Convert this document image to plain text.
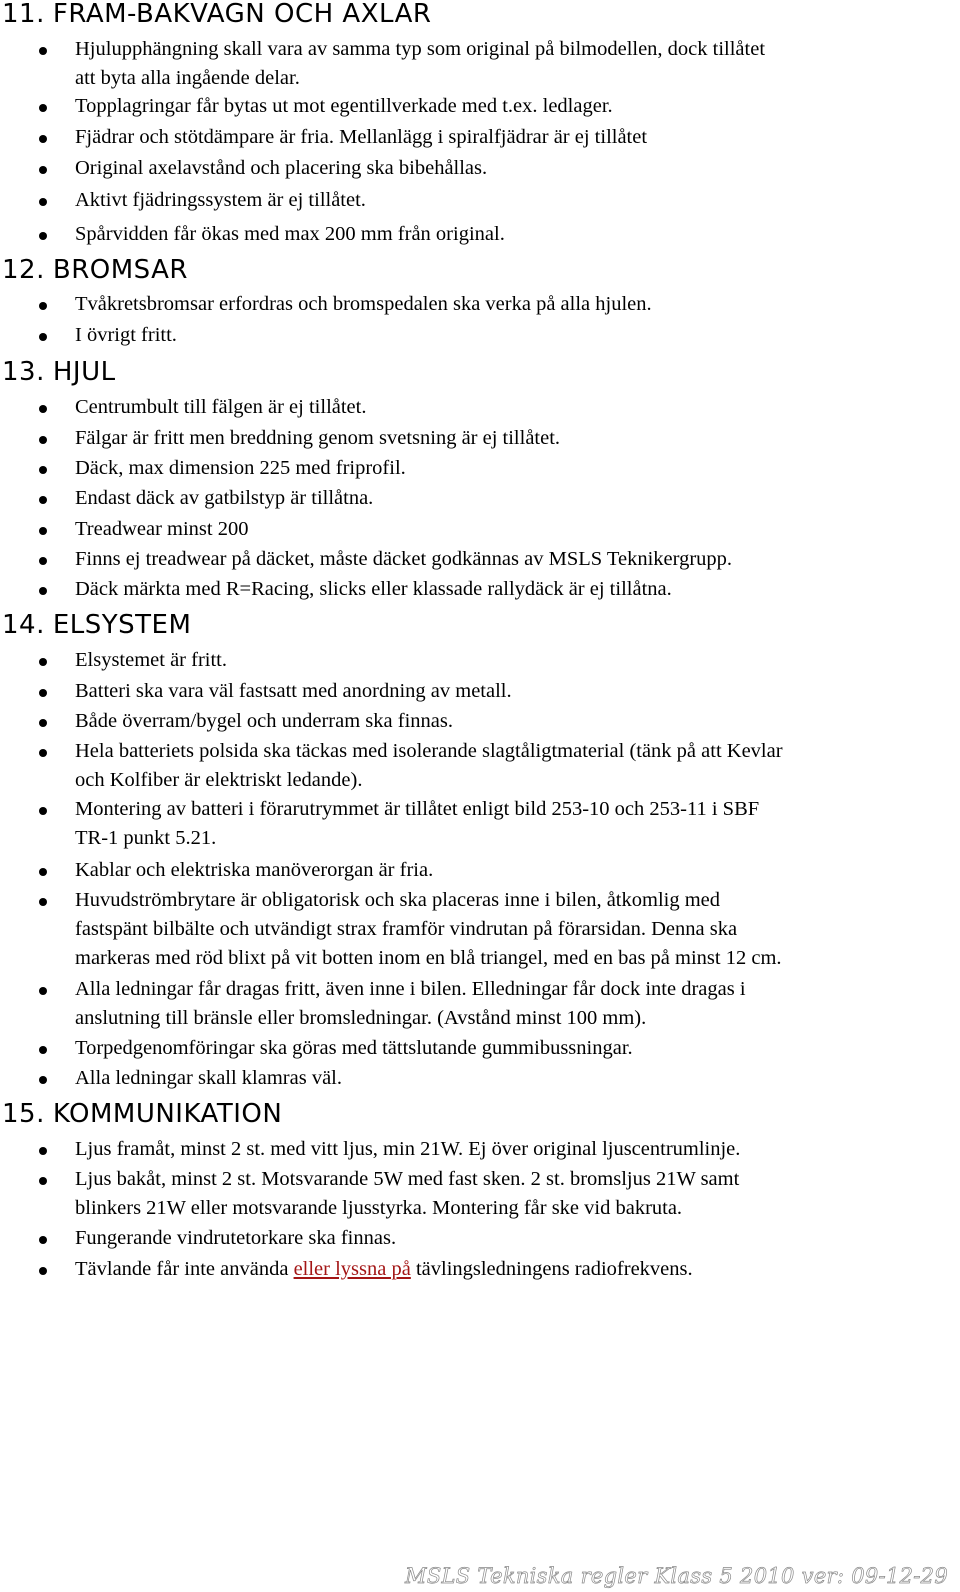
11. FRAM-BAKVAGN OCH AXLAR
Hjulupphängning skall vara av samma typ som original på bilmodellen, dock tillåtet
att byta alla ingående delar.
Topplagringar får bytas ut mot egentillverkade med t.ex. ledlager.
Fjädrar och stötdämpare är fria. Mellanlägg i spiralfjädrar är ej tillåtet
Original axelavstånd och placering ska bibehållas.
Aktivt fjädringssystem är ej tillåtet.
Spårvidden får ökas med max 200 mm från original.
12. BROMSAR
Tvåkretsbromsar erfordras och bromspedalen ska verka på alla hjulen.
I övrigt fritt.
13. HJUL
Centrumbult till fälgen är ej tillåtet.
Fälgar är fritt men breddning genom svetsning är ej tillåtet.
Däck, max dimension 225 med friprofil.
Endast däck av gatbilstyp är tillåtna.
Treadwear minst 200
Finns ej treadwear på däcket, måste däcket godkännas av MSLS Teknikergrupp.
Däck märkta med R=Racing, slicks eller klassade rallydäck är ej tillåtna.
14. ELSYSTEM
Elsystemet är fritt.
Batteri ska vara väl fastsatt med anordning av metall.
Både överram/bygel och underram ska finnas.
Hela batteriets polsida ska täckas med isolerande slagtåligtmaterial (tänk på att Kevlar
och Kolfiber är elektriskt ledande).
Montering av batteri i förarutrymmet är tillåtet enligt bild 253-10 och 253-11 i SBF
TR-1 punkt 5.21.
Kablar och elektriska manöverorgan är fria.
Huvudströmbrytare är obligatorisk och ska placeras inne i bilen, åtkomlig med
fastspänt bilbälte och utvändigt strax framför vindrutan på förarsidan. Denna ska
markeras med röd blixt på vit botten inom en blå triangel, med en bas på minst 12 cm.
Alla ledningar får dragas fritt, även inne i bilen. Elledningar får dock inte dragas i
anslutning till bränsle eller bromsledningar. (Avstånd minst 100 mm).
Torpedgenomföringar ska göras med tättslutande gummibussningar.
Alla ledningar skall klamras väl.
15. KOMMUNIKATION
Ljus framåt, minst 2 st. med vitt ljus, min 21W. Ej över original ljuscentrumlinje.
Ljus bakåt, minst 2 st. Motsvarande 5W med fast sken. 2 st. bromsljus 21W samt
blinkers 21W eller motsvarande ljusstyrka. Montering får ske vid bakruta.
Fungerande vindrutetorkare ska finnas.
Tävlande får inte använda eller lyssna på tävlingsledningens radiofrekvens.
MSLS Tekniska regler Klass 5 2010 ver: 09-12-29
